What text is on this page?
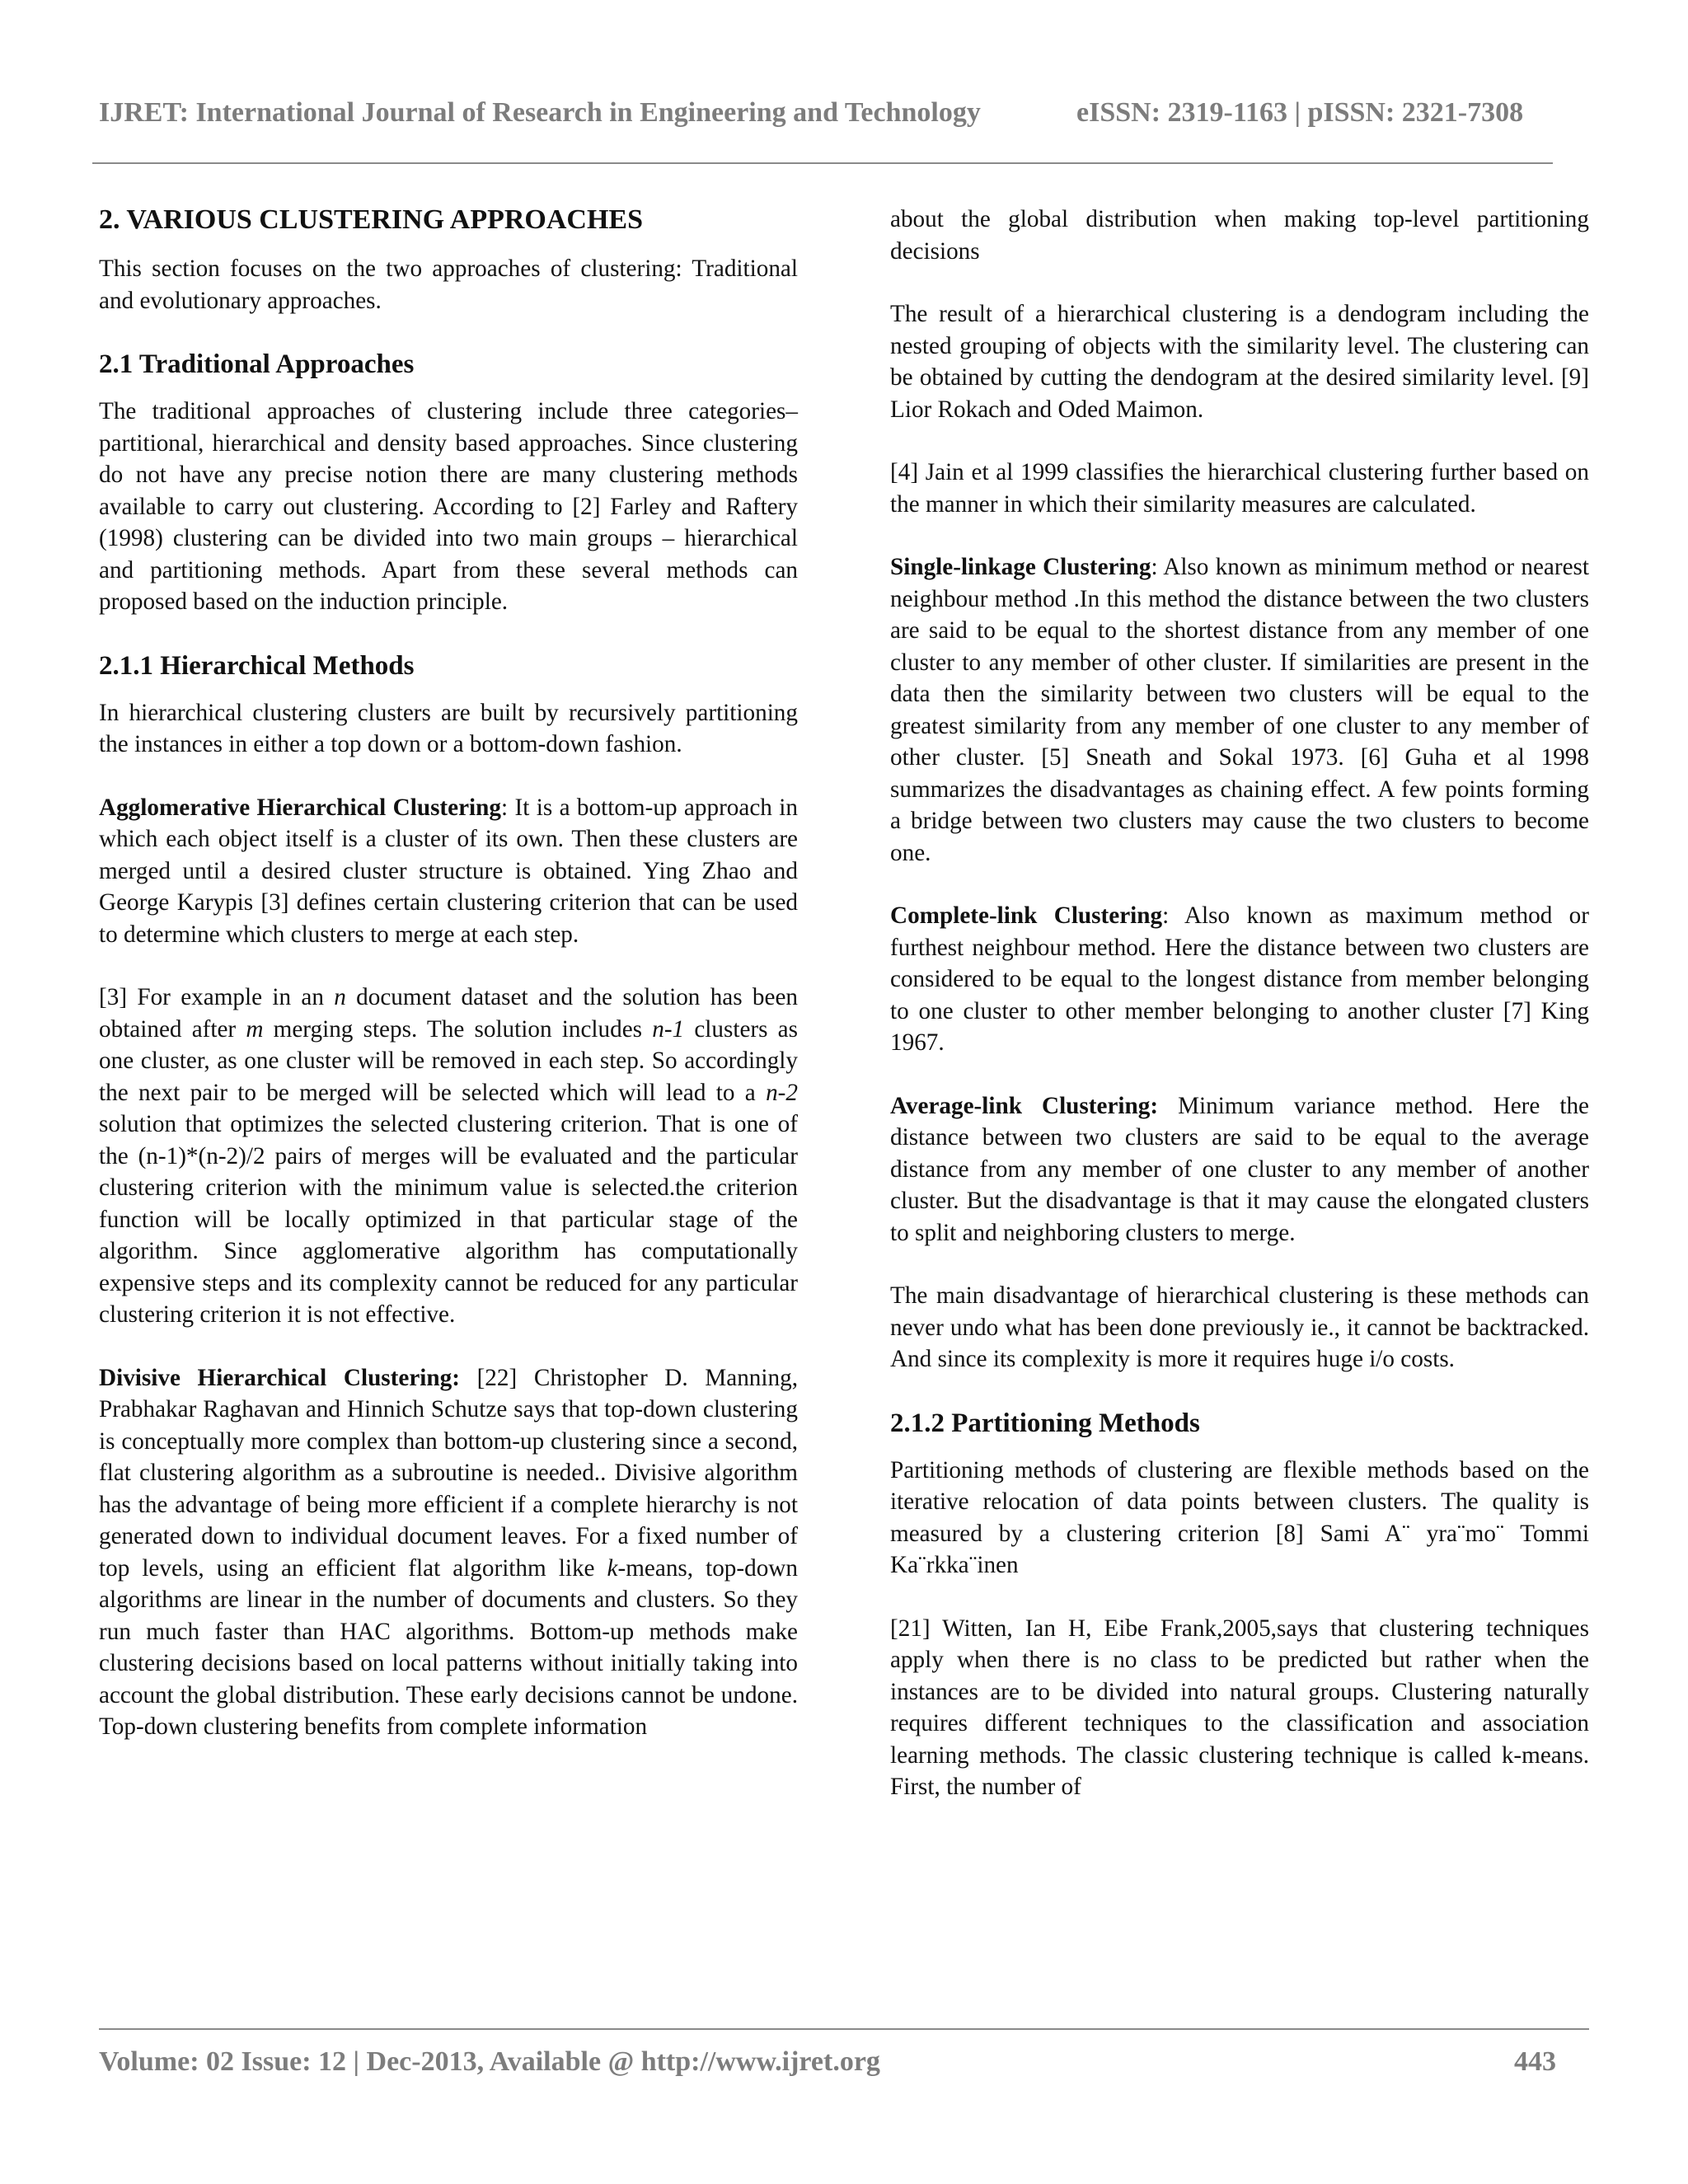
IJRET: International Journal of Research in Engineering and Technology	eISSN: 2319-1163 | pISSN: 2321-7308
2. VARIOUS CLUSTERING APPROACHES

This section focuses on the two approaches of clustering: Traditional and evolutionary approaches.

2.1 Traditional Approaches

The traditional approaches of clustering include three categories–partitional, hierarchical and density based approaches. Since clustering do not have any precise notion there are many clustering methods available to carry out clustering. According to [2] Farley and Raftery (1998) clustering can be divided into two main groups – hierarchical and partitioning methods. Apart from these several methods can proposed based on the induction principle.

2.1.1 Hierarchical Methods

In hierarchical clustering clusters are built by recursively partitioning the instances in either a top down or a bottom-down fashion.

Agglomerative Hierarchical Clustering: It is a bottom-up approach in which each object itself is a cluster of its own. Then these clusters are merged until a desired cluster structure is obtained. Ying Zhao and George Karypis [3] defines certain clustering criterion that can be used to determine which clusters to merge at each step.

[3] For example in an n document dataset and the solution has been obtained after m merging steps. The solution includes n-1 clusters as one cluster, as one cluster will be removed in each step. So accordingly the next pair to be merged will be selected which will lead to a n-2 solution that optimizes the selected clustering criterion. That is one of the (n-1)*(n-2)/2 pairs of merges will be evaluated and the particular clustering criterion with the minimum value is selected.the criterion function will be locally optimized in that particular stage of the algorithm. Since agglomerative algorithm has computationally expensive steps and its complexity cannot be reduced for any particular clustering criterion it is not effective.

Divisive Hierarchical Clustering: [22] Christopher D. Manning, Prabhakar Raghavan and Hinnich Schutze says that top-down clustering is conceptually more complex than bottom-up clustering since a second, flat clustering algorithm as a subroutine is needed.. Divisive algorithm has the advantage of being more efficient if a complete hierarchy is not generated down to individual document leaves. For a fixed number of top levels, using an efficient flat algorithm like k-means, top-down algorithms are linear in the number of documents and clusters. So they run much faster than HAC algorithms. Bottom-up methods make clustering decisions based on local patterns without initially taking into account the global distribution. These early decisions cannot be undone. Top-down clustering benefits from complete information

about the global distribution when making top-level partitioning decisions

The result of a hierarchical clustering is a dendogram including the nested grouping of objects with the similarity level. The clustering can be obtained by cutting the dendogram at the desired similarity level. [9] Lior Rokach and Oded Maimon.

[4] Jain et al 1999 classifies the hierarchical clustering further based on the manner in which their similarity measures are calculated.

Single-linkage Clustering: Also known as minimum method or nearest neighbour method .In this method the distance between the two clusters are said to be equal to the shortest distance from any member of one cluster to any member of other cluster. If similarities are present in the data then the similarity between two clusters will be equal to the greatest similarity from any member of one cluster to any member of other cluster. [5] Sneath and Sokal 1973. [6] Guha et al 1998 summarizes the disadvantages as chaining effect. A few points forming a bridge between two clusters may cause the two clusters to become one.

Complete-link Clustering: Also known as maximum method or furthest neighbour method. Here the distance between two clusters are considered to be equal to the longest distance from member belonging to one cluster to other member belonging to another cluster [7] King 1967.

Average-link Clustering: Minimum variance method. Here the distance between two clusters are said to be equal to the average distance from any member of one cluster to any member of another cluster. But the disadvantage is that it may cause the elongated clusters to split and neighboring clusters to merge.

The main disadvantage of hierarchical clustering is these methods can never undo what has been done previously ie., it cannot be backtracked. And since its complexity is more it requires huge i/o costs.

2.1.2 Partitioning Methods

Partitioning methods of clustering are flexible methods based on the iterative relocation of data points between clusters. The quality is measured by a clustering criterion [8] Sami A¨ yra¨mo¨ Tommi Ka¨rkka¨inen

[21] Witten, Ian H, Eibe Frank,2005,says that clustering techniques apply when there is no class to be predicted but rather when the instances are to be divided into natural groups. Clustering naturally requires different techniques to the classification and association learning methods. The classic clustering technique is called k-means. First, the number of

Volume: 02 Issue: 12 | Dec-2013, Available @ http://www.ijret.org	443
